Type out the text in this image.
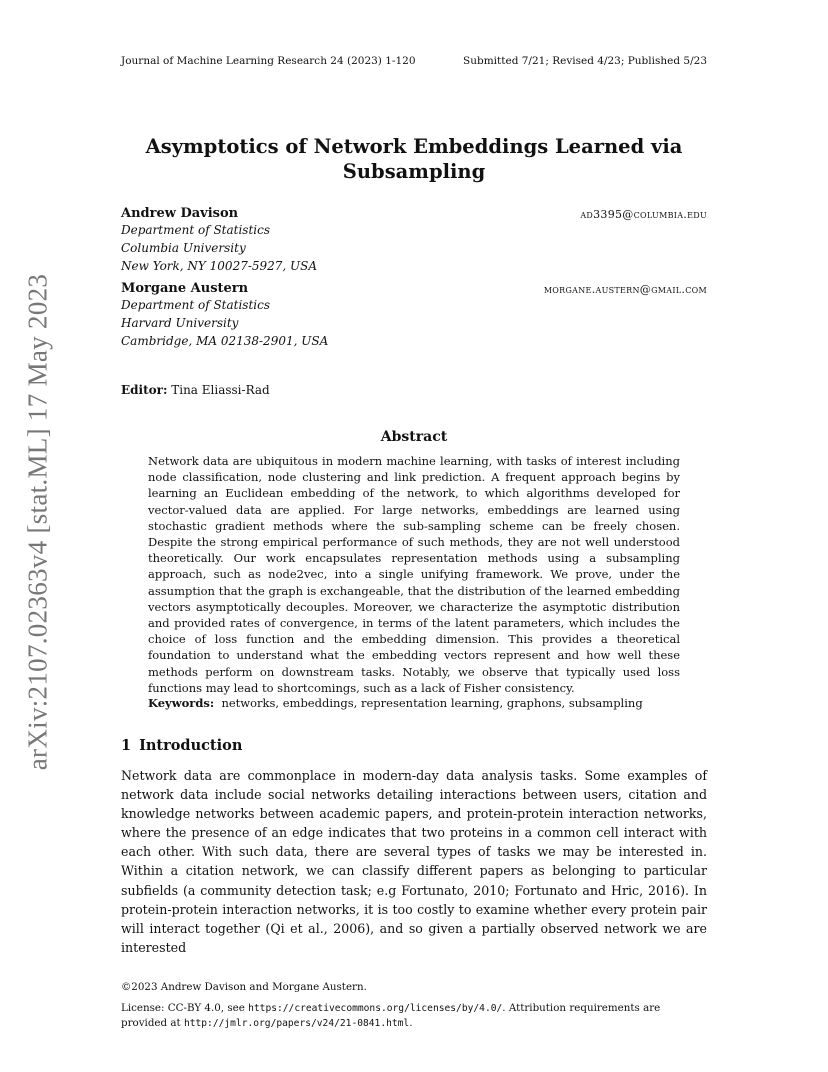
Journal of Machine Learning Research 24 (2023) 1-120	Submitted 7/21; Revised 4/23; Published 5/23
arXiv:2107.02363v4 [stat.ML] 17 May 2023
Asymptotics of Network Embeddings Learned via
Subsampling
Andrew Davison	ad3395@columbia.edu
Department of Statistics
Columbia University
New York, NY 10027-5927, USA
Morgane Austern	morgane.austern@gmail.com
Department of Statistics
Harvard University
Cambridge, MA 02138-2901, USA
Editor: Tina Eliassi-Rad
Abstract

Network data are ubiquitous in modern machine learning, with tasks of interest including node classification, node clustering and link prediction. A frequent approach begins by learning an Euclidean embedding of the network, to which algorithms developed for vector-valued data are applied. For large networks, embeddings are learned using stochastic gradient methods where the sub-sampling scheme can be freely chosen. Despite the strong empirical performance of such methods, they are not well understood theoretically. Our work encapsulates representation methods using a subsampling approach, such as node2vec, into a single unifying framework. We prove, under the assumption that the graph is exchangeable, that the distribution of the learned embedding vectors asymptotically decouples. Moreover, we characterize the asymptotic distribution and provided rates of convergence, in terms of the latent parameters, which includes the choice of loss function and the embedding dimension. This provides a theoretical foundation to understand what the embedding vectors represent and how well these methods perform on downstream tasks. Notably, we observe that typically used loss functions may lead to shortcomings, such as a lack of Fisher consistency.

Keywords: networks, embeddings, representation learning, graphons, subsampling
1 Introduction

Network data are commonplace in modern-day data analysis tasks. Some examples of network data include social networks detailing interactions between users, citation and knowledge networks between academic papers, and protein-protein interaction networks, where the presence of an edge indicates that two proteins in a common cell interact with each other. With such data, there are several types of tasks we may be interested in. Within a citation network, we can classify different papers as belonging to particular subfields (a community detection task; e.g Fortunato, 2010; Fortunato and Hric, 2016). In protein-protein interaction networks, it is too costly to examine whether every protein pair will interact together (Qi et al., 2006), and so given a partially observed network we are interested

©2023 Andrew Davison and Morgane Austern.
License: CC-BY 4.0, see https://creativecommons.org/licenses/by/4.0/. Attribution requirements are provided at http://jmlr.org/papers/v24/21-0841.html.
